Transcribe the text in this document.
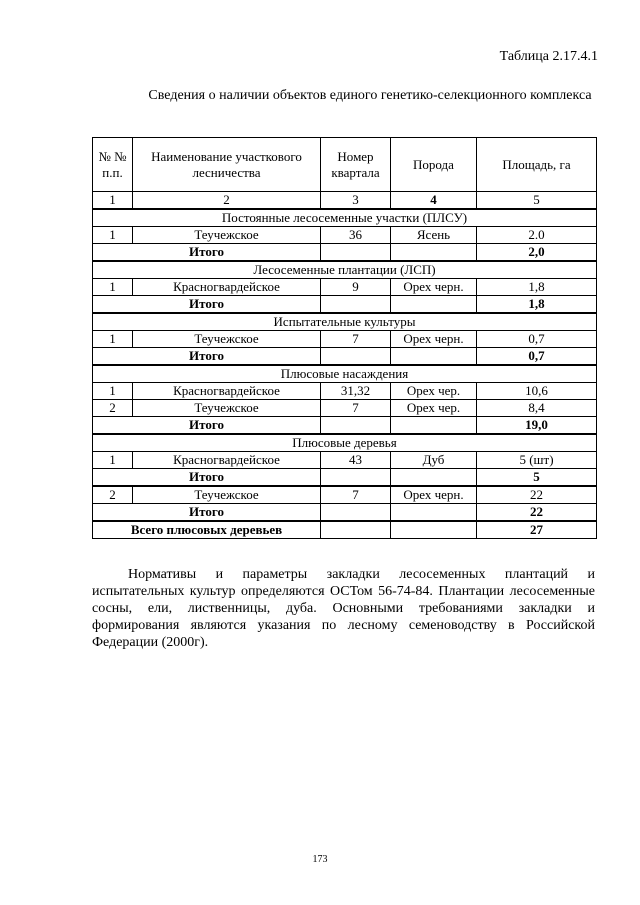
Таблица 2.17.4.1
Сведения о наличии объектов единого генетико-селекционного комплекса
№ № п.п.	Наименование участкового лесничества	Номер квартала	Порода	Площадь, га
1	2	3	4	5
Постоянные лесосеменные участки (ПЛСУ)				
1	Теучежское	36	Ясень	2.0
Итого				2,0
Лесосеменные плантации (ЛСП)				
1	Красногвардейское	9	Орех черн.	1,8
Итого				1,8
Испытательные культуры				
1	Теучежское	7	Орех черн.	0,7
Итого				0,7
Плюсовые насаждения				
1	Красногвардейское	31,32	Орех чер.	10,6
2	Теучежское	7	Орех чер.	8,4
Итого				19,0
Плюсовые деревья				
1	Красногвардейское	43	Дуб	5 (шт)
Итого				5
2	Теучежское	7	Орех черн.	22
Итого				22
Всего плюсовых деревьев				27
Нормативы и параметры закладки лесосеменных плантаций и испытательных культур определяются ОСТом 56-74-84. Плантации лесосеменные сосны, ели, лиственницы, дуба. Основными требованиями закладки и формирования являются указания по лесному семеноводству в Российской Федерации (2000г).
173
